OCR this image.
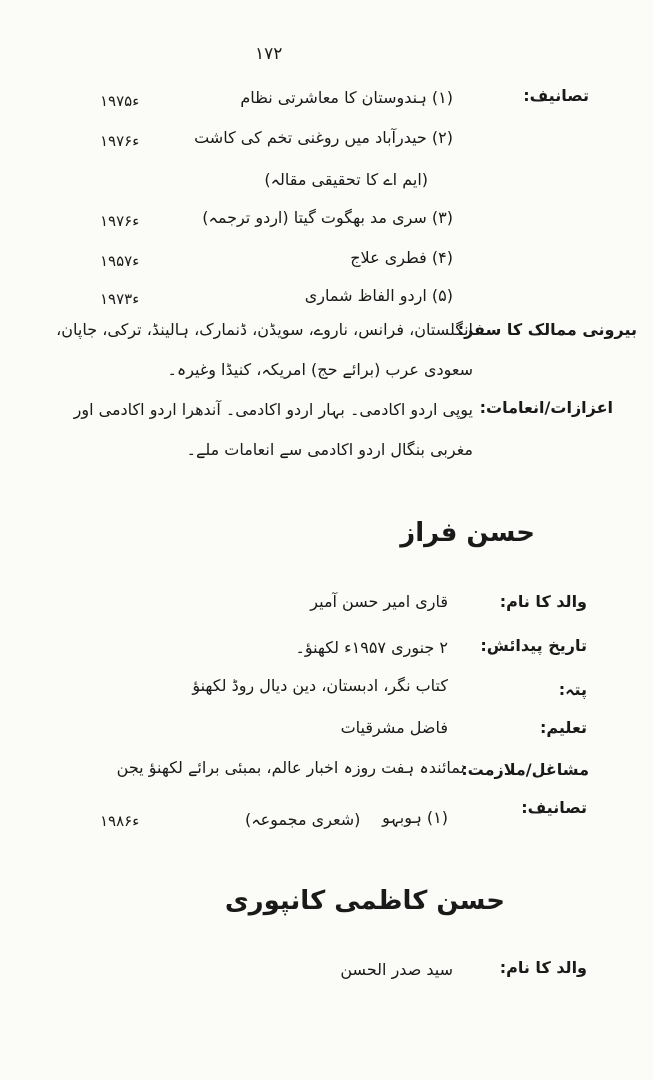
۱۷۲
تصانیف:
(۱) ہندوستان کا معاشرتی نظام
۱۹۷۵ء
(۲) حیدرآباد میں روغنی تخم کی کاشت
۱۹۷۶ء
(ایم اے کا تحقیقی مقالہ)
(۳) سری مد بھگوت گیتا (اردو ترجمہ)
۱۹۷۶ء
(۴) فطری علاج
۱۹۵۷ء
(۵) اردو الفاظ شماری
۱۹۷۳ء
بیرونی ممالک کا سفر:
انگلستان، فرانس، ناروے، سویڈن، ڈنمارک، ہالینڈ، ترکی، جاپان،
سعودی عرب (برائے حج) امریکہ، کنیڈا وغیرہ۔
اعزازات/انعامات:
یوپی اردو اکادمی۔ بہار اردو اکادمی۔ آندھرا اردو اکادمی اور
مغربی بنگال اردو اکادمی سے انعامات ملے۔
حسن فراز
والد کا نام:
قاری امیر حسن آمیر
تاریخ پیدائش:
۲ جنوری ۱۹۵۷ء لکھنؤ۔
پتہ:
کتاب نگر، ادبستان، دین دیال روڈ لکھنؤ
تعلیم:
فاضل مشرقیات
مشاغل/ملازمت:
نمائندہ ہفت روزہ اخبار عالم، بمبئی برائے لکھنؤ یجن
تصانیف:
(۱) ہوبہو
(شعری مجموعہ)
۱۹۸۶ء
حسن کاظمی کانپوری
والد کا نام:
سید صدر الحسن
